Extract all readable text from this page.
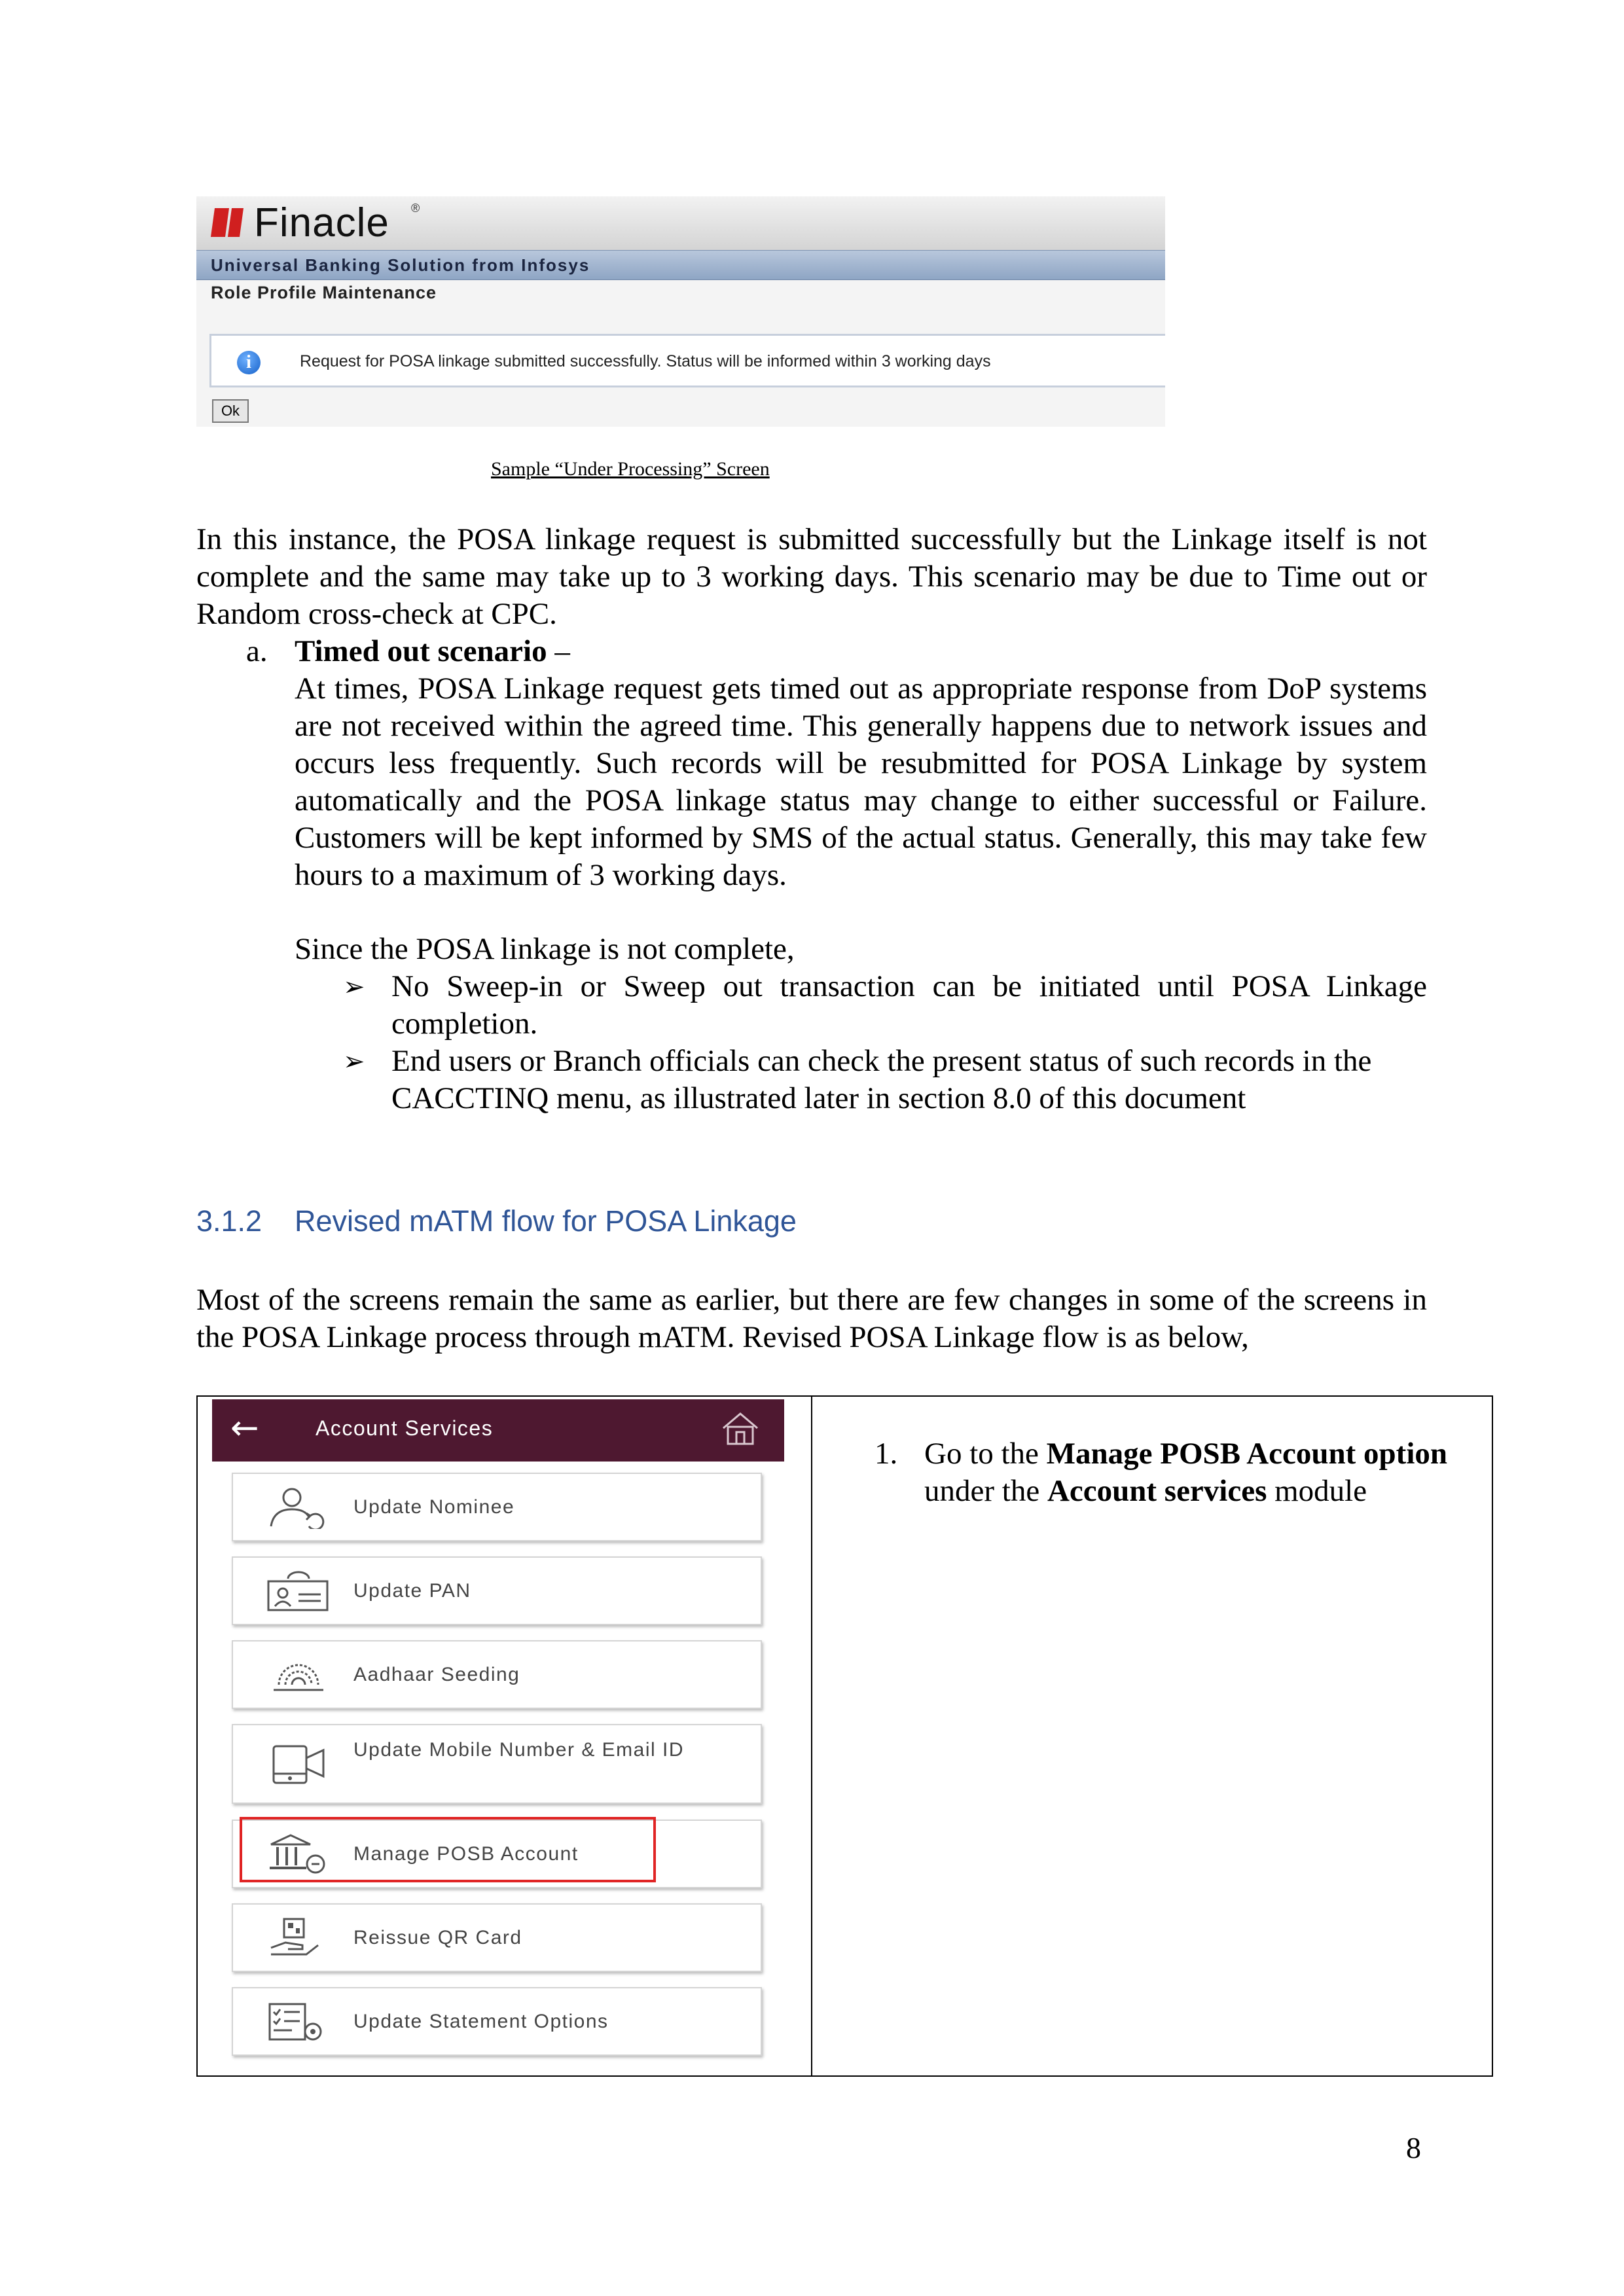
Finacle ®
Universal Banking Solution from Infosys
Role Profile Maintenance
i	Request for POSA linkage submitted successfully. Status will be informed within 3 working days
Ok
Sample “Under Processing” Screen
In this instance, the POSA linkage request is submitted successfully but the Linkage itself is not complete and the same may take up to 3 working days. This scenario may be due to Time out or Random cross-check at CPC.
a. Timed out scenario –
At times, POSA Linkage request gets timed out as appropriate response from DoP systems are not received within the agreed time. This generally happens due to network issues and occurs less frequently. Such records will be resubmitted for POSA Linkage by system automatically and the POSA linkage status may change to either successful or Failure. Customers will be kept informed by SMS of the actual status. Generally, this may take few hours to a maximum of 3 working days.
Since the POSA linkage is not complete,
➢ No Sweep-in or Sweep out transaction can be initiated until POSA Linkage completion.
➢ End users or Branch officials can check the present status of such records in the CACCTINQ menu, as illustrated later in section 8.0 of this document
3.1.2 Revised mATM flow for POSA Linkage
Most of the screens remain the same as earlier, but there are few changes in some of the screens in the POSA Linkage process through mATM. Revised POSA Linkage flow is as below,
←	Account Services
Update Nominee
Update PAN
Aadhaar Seeding
Update Mobile Number & Email ID
Manage POSB Account
Reissue QR Card
Update Statement Options
1. Go to the Manage POSB Account option under the Account services module
8
